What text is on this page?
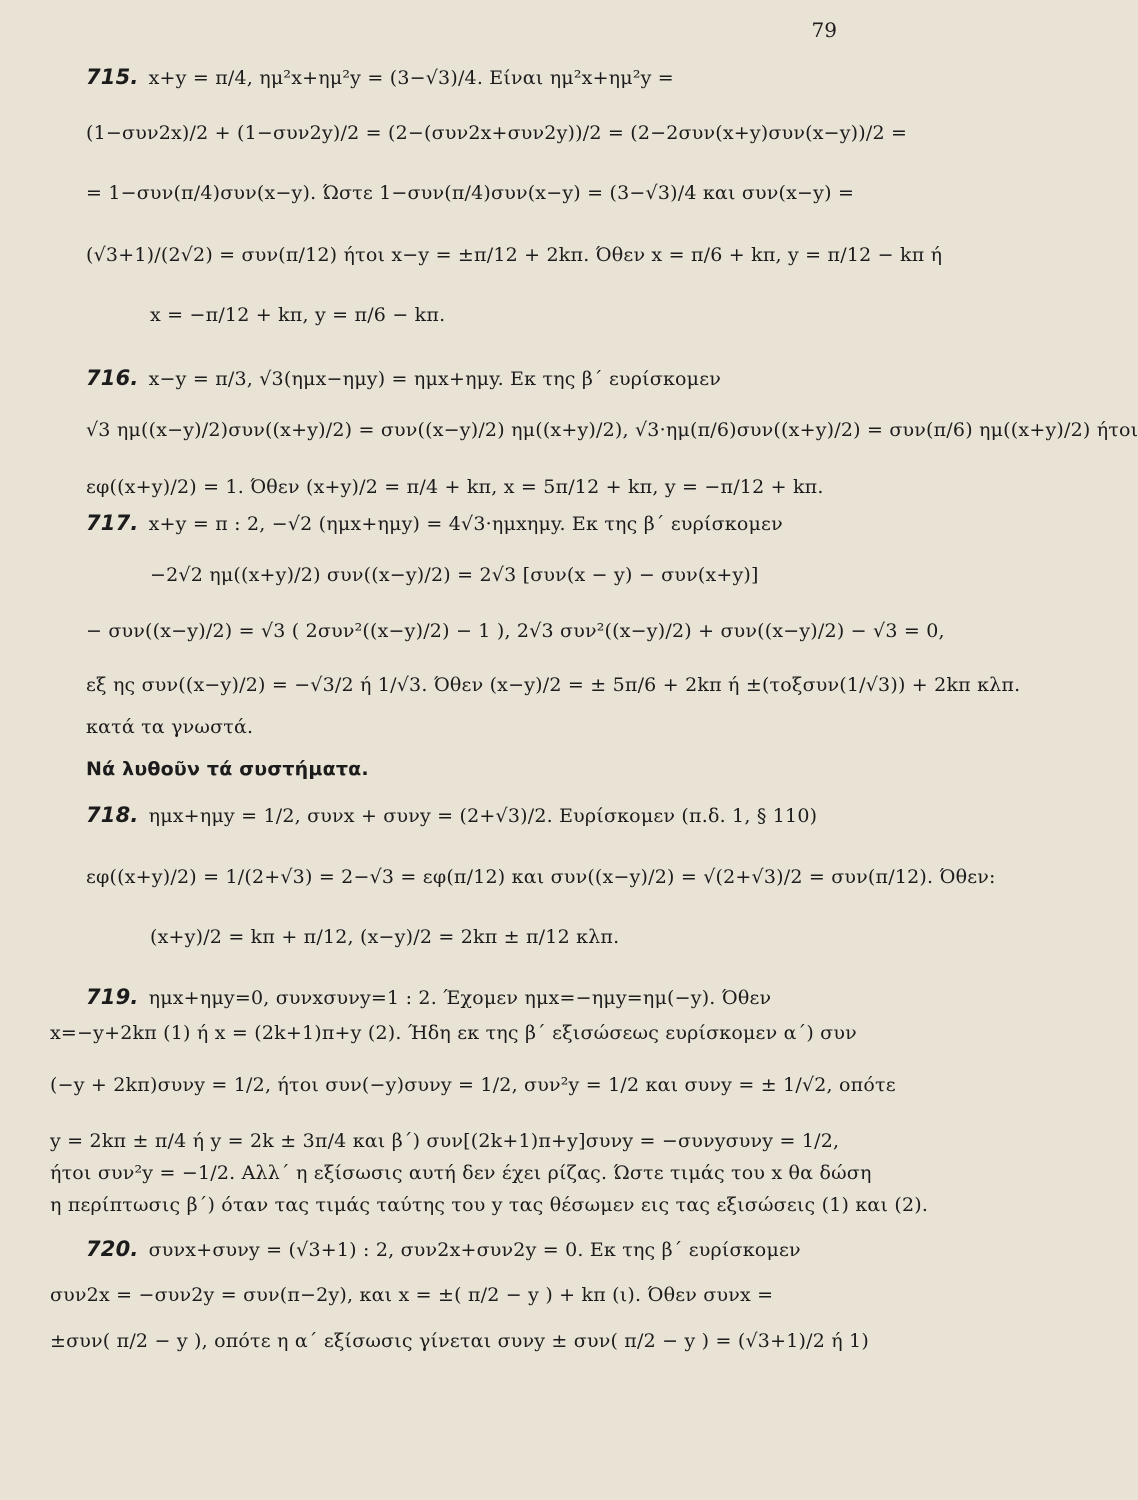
79
715. x+y = π/4, ημ²x+ημ²y = (3−√3)/4. Είναι ημ²x+ημ²y =
(1−συν2x)/2 + (1−συν2y)/2 = (2−(συν2x+συν2y))/2 = (2−2συν(x+y)συν(x−y))/2 =
= 1−συν(π/4)συν(x−y). Ώστε 1−συν(π/4)συν(x−y) = (3−√3)/4 και συν(x−y) =
(√3+1)/(2√2) = συν(π/12) ήτοι x−y = ±π/12 + 2kπ. Όθεν x = π/6 + kπ, y = π/12 − kπ ή
x = −π/12 + kπ, y = π/6 − kπ.
716. x−y = π/3, √3(ημx−ημy) = ημx+ημy. Εκ της β΄ ευρίσκομεν
√3 ημ((x−y)/2)συν((x+y)/2) = συν((x−y)/2) ημ((x+y)/2), √3·ημ(π/6)συν((x+y)/2) = συν(π/6) ημ((x+y)/2) ήτοι
εφ((x+y)/2) = 1. Όθεν (x+y)/2 = π/4 + kπ, x = 5π/12 + kπ, y = −π/12 + kπ.
717. x+y = π : 2, −√2 (ημx+ημy) = 4√3·ημxημy. Εκ της β΄ ευρίσκομεν
−2√2 ημ((x+y)/2) συν((x−y)/2) = 2√3 [συν(x − y) − συν(x+y)]
− συν((x−y)/2) = √3 ( 2συν²((x−y)/2) − 1 ), 2√3 συν²((x−y)/2) + συν((x−y)/2) − √3 = 0,
εξ ης συν((x−y)/2) = −√3/2 ή 1/√3. Όθεν (x−y)/2 = ± 5π/6 + 2kπ ή ±(τοξσυν(1/√3)) + 2kπ κλπ.
κατά τα γνωστά.
Νά λυθοῦν τά συστήματα.
718. ημx+ημy = 1/2, συνx + συνy = (2+√3)/2. Ευρίσκομεν (π.δ. 1, § 110)
εφ((x+y)/2) = 1/(2+√3) = 2−√3 = εφ(π/12) και συν((x−y)/2) = √(2+√3)/2 = συν(π/12). Όθεν:
(x+y)/2 = kπ + π/12, (x−y)/2 = 2kπ ± π/12 κλπ.
719. ημx+ημy=0, συνxσυνy=1 : 2. Έχομεν ημx=−ημy=ημ(−y). Όθεν
x=−y+2kπ (1) ή x = (2k+1)π+y (2). Ήδη εκ της β΄ εξισώσεως ευρίσκομεν α΄) συν
(−y + 2kπ)συνy = 1/2, ήτοι συν(−y)συνy = 1/2, συν²y = 1/2 και συνy = ± 1/√2, οπότε
y = 2kπ ± π/4 ή y = 2k ± 3π/4 και β΄) συν[(2k+1)π+y]συνy = −συνyσυνy = 1/2,
ήτοι συν²y = −1/2. Αλλ΄ η εξίσωσις αυτή δεν έχει ρίζας. Ώστε τιμάς του x θα δώση
η περίπτωσις β΄) όταν τας τιμάς ταύτης του y τας θέσωμεν εις τας εξισώσεις (1) και (2).
720. συνx+συνy = (√3+1) : 2, συν2x+συν2y = 0. Εκ της β΄ ευρίσκομεν
συν2x = −συν2y = συν(π−2y), και x = ±( π/2 − y ) + kπ (ι). Όθεν συνx =
±συν( π/2 − y ), οπότε η α΄ εξίσωσις γίνεται συνy ± συν( π/2 − y ) = (√3+1)/2 ή 1)
